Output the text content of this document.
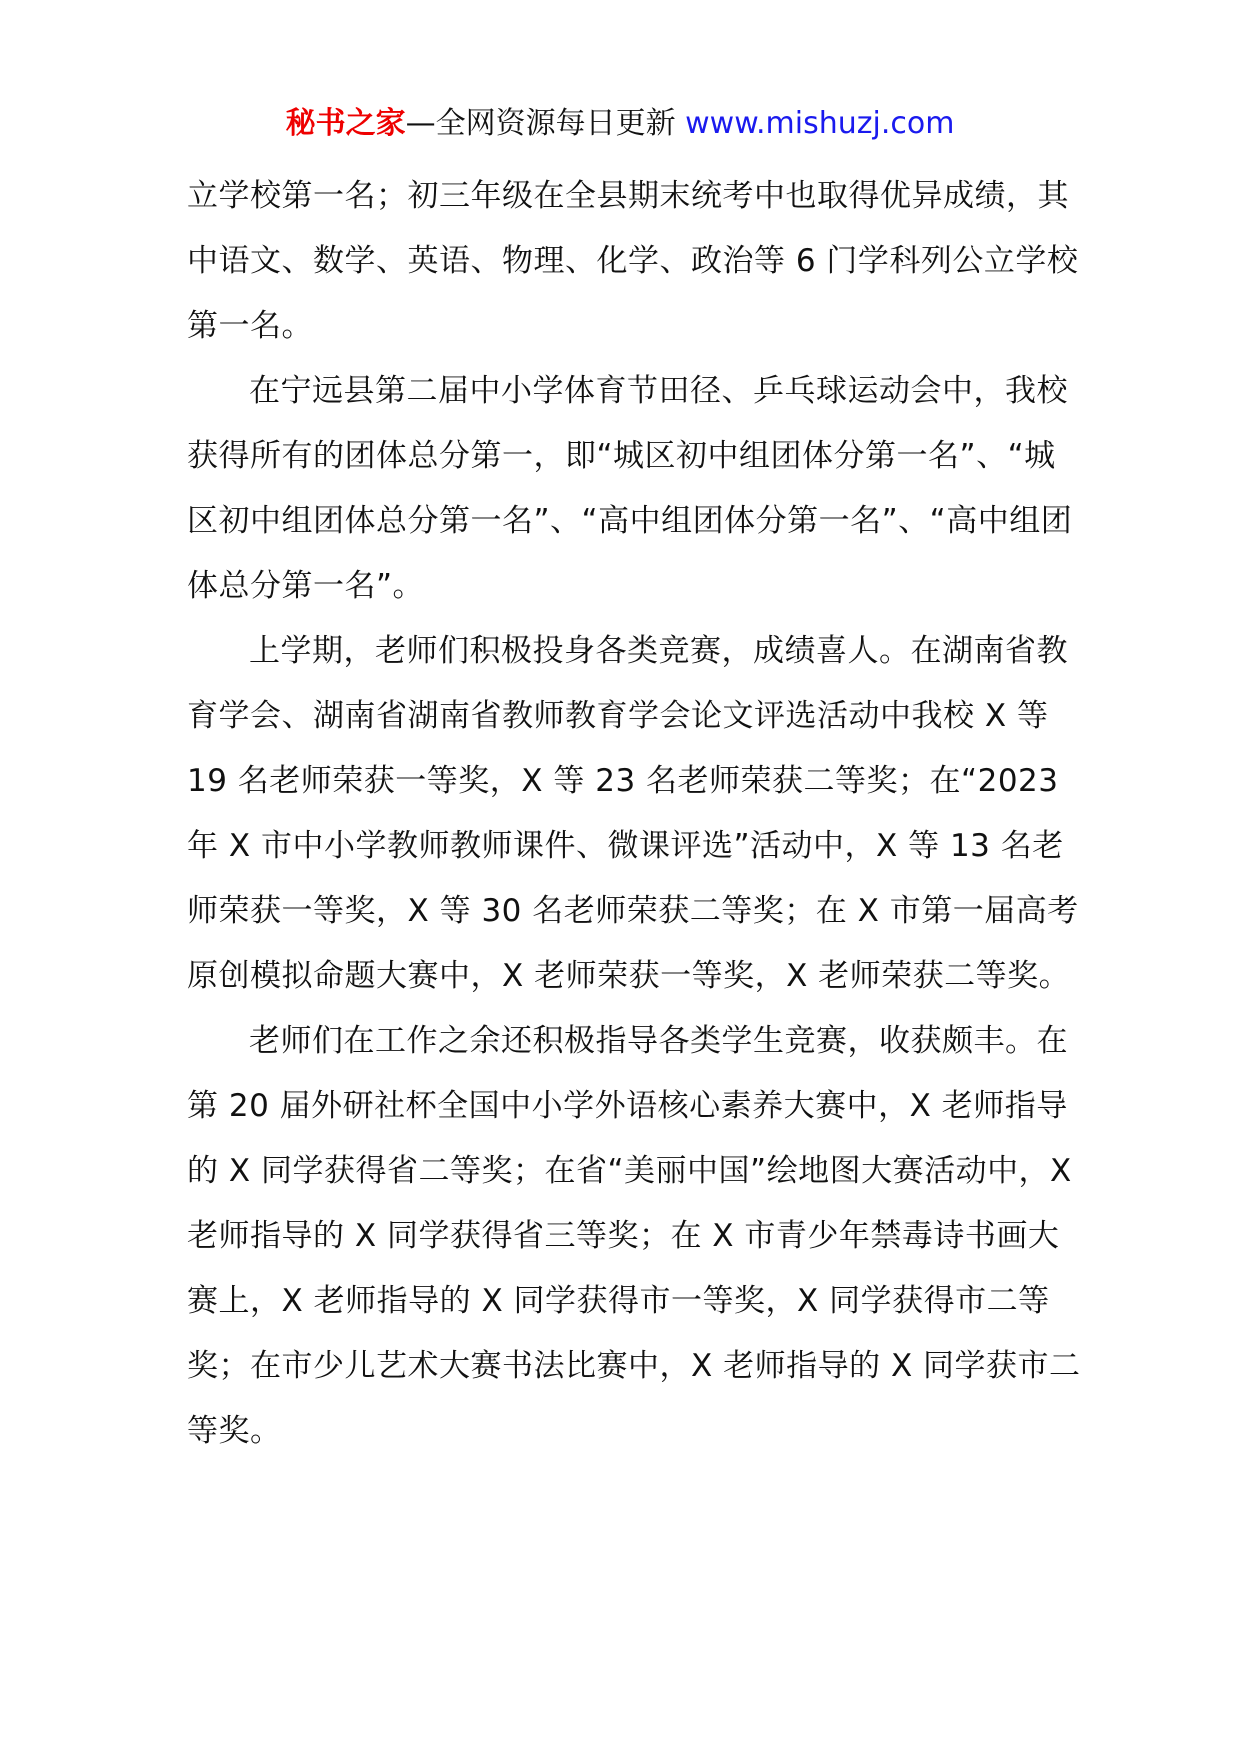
秘书之家—全网资源每日更新 www.mishuzj.com

立学校第一名；初三年级在全县期末统考中也取得优异成绩，其中语文、数学、英语、物理、化学、政治等 6 门学科列公立学校第一名。

在宁远县第二届中小学体育节田径、乒乓球运动会中，我校获得所有的团体总分第一，即“城区初中组团体分第一名”、“城区初中组团体总分第一名”、“高中组团体分第一名”、“高中组团体总分第一名”。

上学期，老师们积极投身各类竞赛，成绩喜人。在湖南省教育学会、湖南省湖南省教师教育学会论文评选活动中我校 X 等 19 名老师荣获一等奖，X 等 23 名老师荣获二等奖；在“2023 年 X 市中小学教师教师课件、微课评选”活动中，X 等 13 名老师荣获一等奖，X 等 30 名老师荣获二等奖；在 X 市第一届高考原创模拟命题大赛中，X 老师荣获一等奖，X 老师荣获二等奖。

老师们在工作之余还积极指导各类学生竞赛，收获颇丰。在第 20 届外研社杯全国中小学外语核心素养大赛中，X 老师指导的 X 同学获得省二等奖；在省“美丽中国”绘地图大赛活动中，X 老师指导的 X 同学获得省三等奖；在 X 市青少年禁毒诗书画大赛上，X 老师指导的 X 同学获得市一等奖，X 同学获得市二等奖；在市少儿艺术大赛书法比赛中，X 老师指导的 X 同学获市二等奖。
